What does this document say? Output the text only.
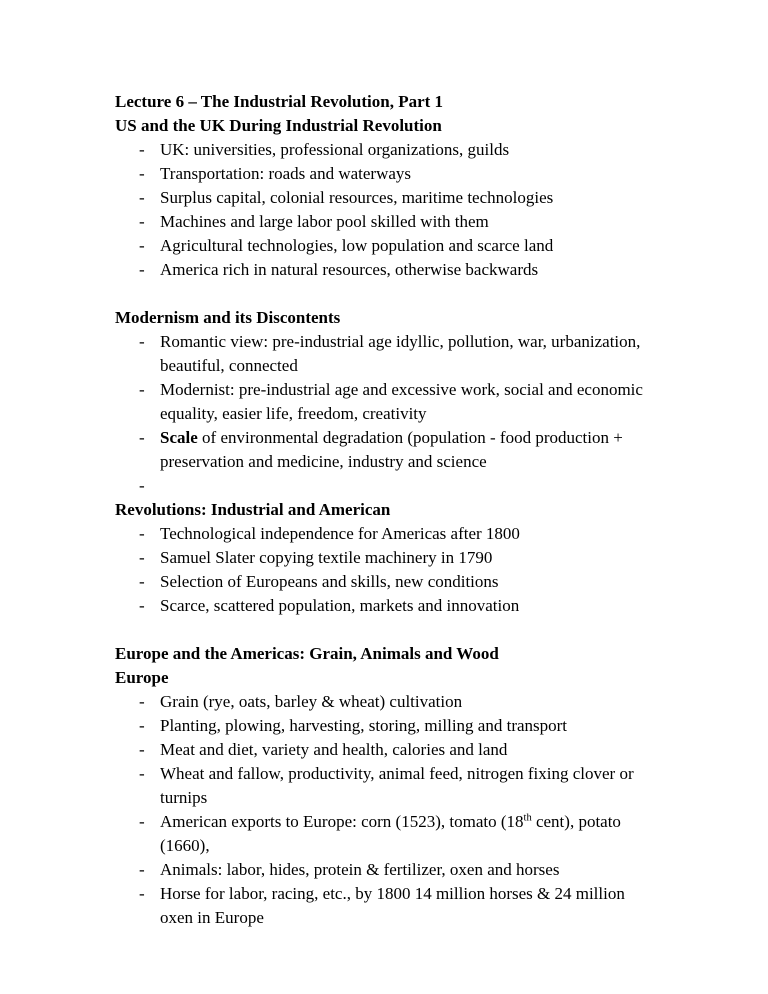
Lecture 6 – The Industrial Revolution, Part 1

US and the UK During Industrial Revolution

- UK: universities, professional organizations, guilds
- Transportation: roads and waterways
- Surplus capital, colonial resources, maritime technologies
- Machines and large labor pool skilled with them
- Agricultural technologies, low population and scarce land
- America rich in natural resources, otherwise backwards

Modernism and its Discontents

- Romantic view: pre-industrial age idyllic, pollution, war, urbanization, beautiful, connected
- Modernist: pre-industrial age and excessive work, social and economic equality, easier life, freedom, creativity
- Scale of environmental degradation (population - food production + preservation and medicine, industry and science
-

Revolutions: Industrial and American

- Technological independence for Americas after 1800
- Samuel Slater copying textile machinery in 1790
- Selection of Europeans and skills, new conditions
- Scarce, scattered population, markets and innovation

Europe and the Americas: Grain, Animals and Wood

Europe

- Grain (rye, oats, barley & wheat) cultivation
- Planting, plowing, harvesting, storing, milling and transport
- Meat and diet, variety and health, calories and land
- Wheat and fallow, productivity, animal feed, nitrogen fixing clover or turnips
- American exports to Europe: corn (1523), tomato (18th cent), potato (1660),
- Animals: labor, hides, protein & fertilizer, oxen and horses
- Horse for labor, racing, etc., by 1800 14 million horses & 24 million oxen in Europe
